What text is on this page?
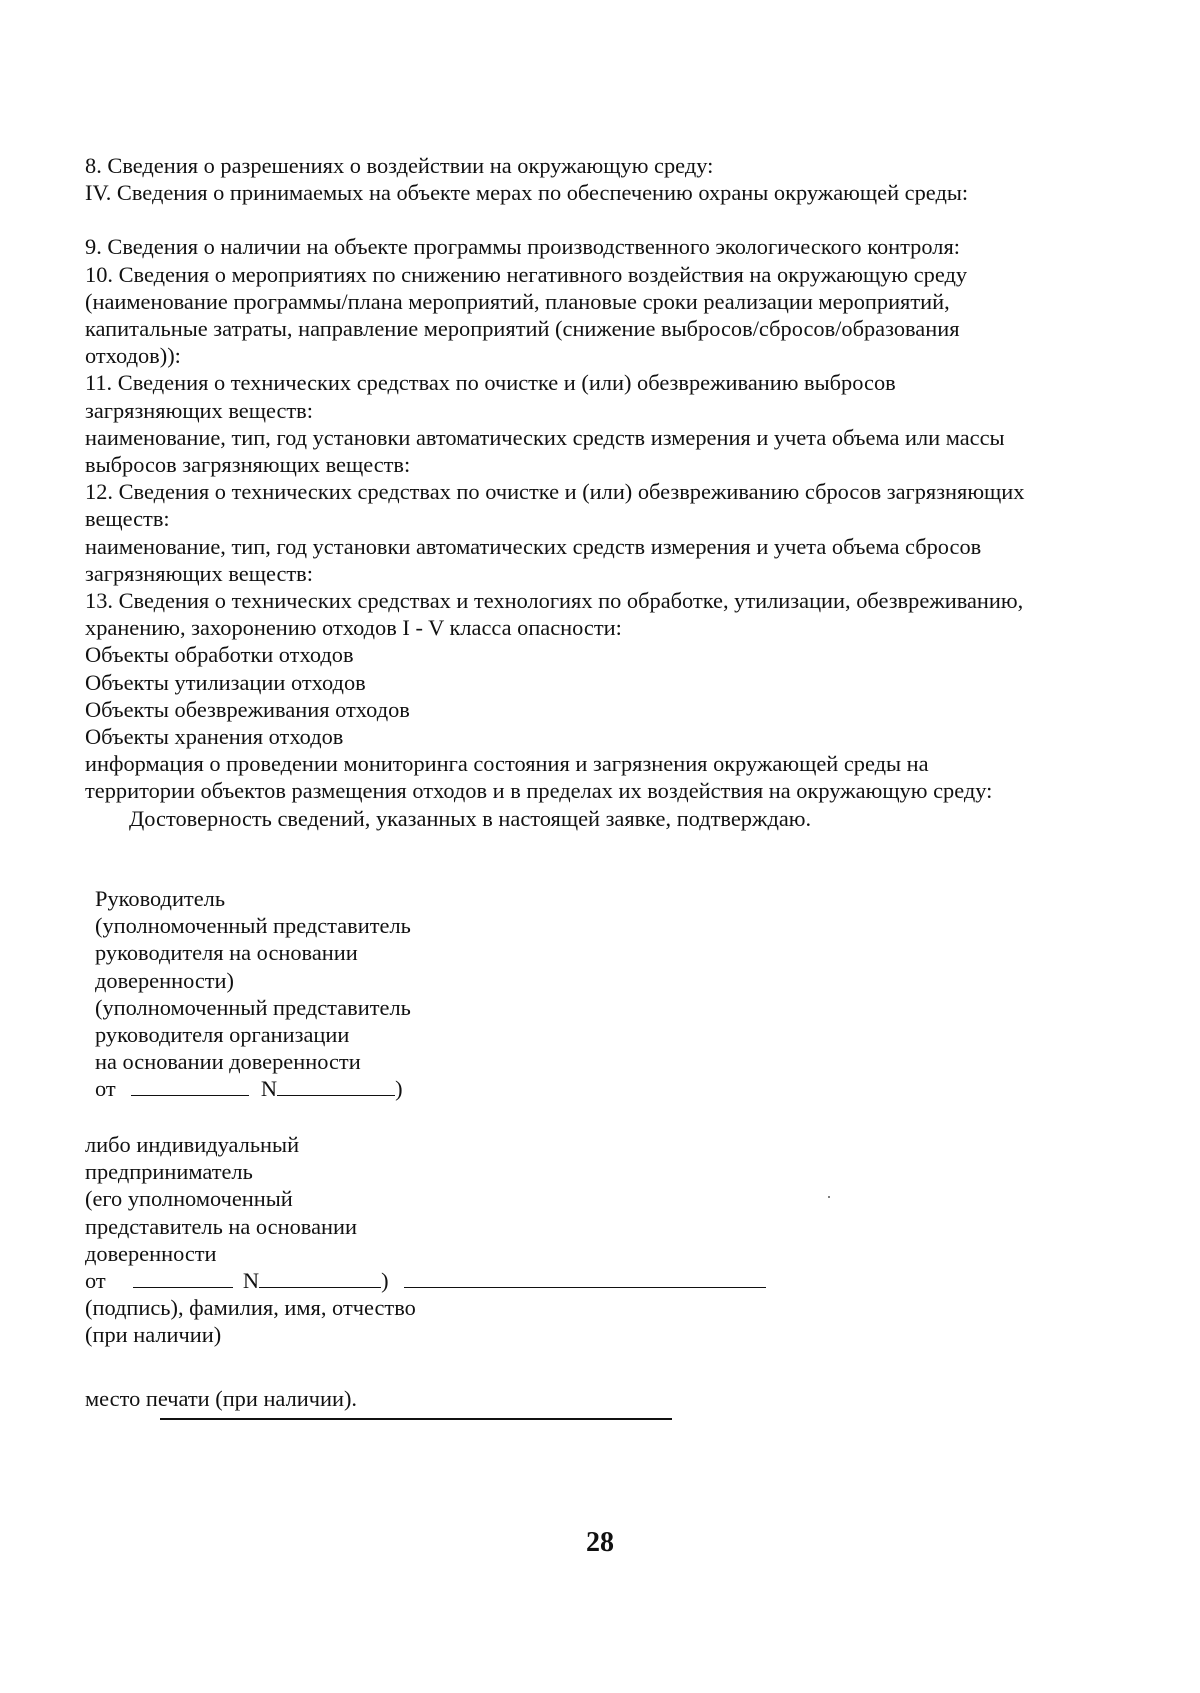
8. Сведения о разрешениях о воздействии на окружающую среду:
IV. Сведения о принимаемых на объекте мерах по обеспечению охраны окружающей среды:
9. Сведения о наличии на объекте программы производственного экологического контроля:
10. Сведения о мероприятиях по снижению негативного воздействия на окружающую среду
(наименование программы/плана мероприятий, плановые сроки реализации мероприятий,
капитальные затраты, направление мероприятий (снижение выбросов/сбросов/образования
отходов)):
11. Сведения о технических средствах по очистке и (или) обезвреживанию выбросов
загрязняющих веществ:
наименование, тип, год установки автоматических средств измерения и учета объема или массы
выбросов загрязняющих веществ:
12. Сведения о технических средствах по очистке и (или) обезвреживанию сбросов загрязняющих
веществ:
наименование, тип, год установки автоматических средств измерения и учета объема сбросов
загрязняющих веществ:
13. Сведения о технических средствах и технологиях по обработке, утилизации, обезвреживанию,
хранению, захоронению отходов I - V класса опасности:
Объекты обработки отходов
Объекты утилизации отходов
Объекты обезвреживания отходов
Объекты хранения отходов
информация о проведении мониторинга состояния и загрязнения окружающей среды на
территории объектов размещения отходов и в пределах их воздействия на окружающую среду:
Достоверность сведений, указанных в настоящей заявке, подтверждаю.
Руководитель
(уполномоченный представитель
руководителя на основании
доверенности)
(уполномоченный представитель
руководителя организации
на основании доверенности
от	N	)
либо индивидуальный
предприниматель
(его уполномоченный
представитель на основании
доверенности
от	N	)
(подпись), фамилия, имя, отчество
(при наличии)
место печати (при наличии).
28
